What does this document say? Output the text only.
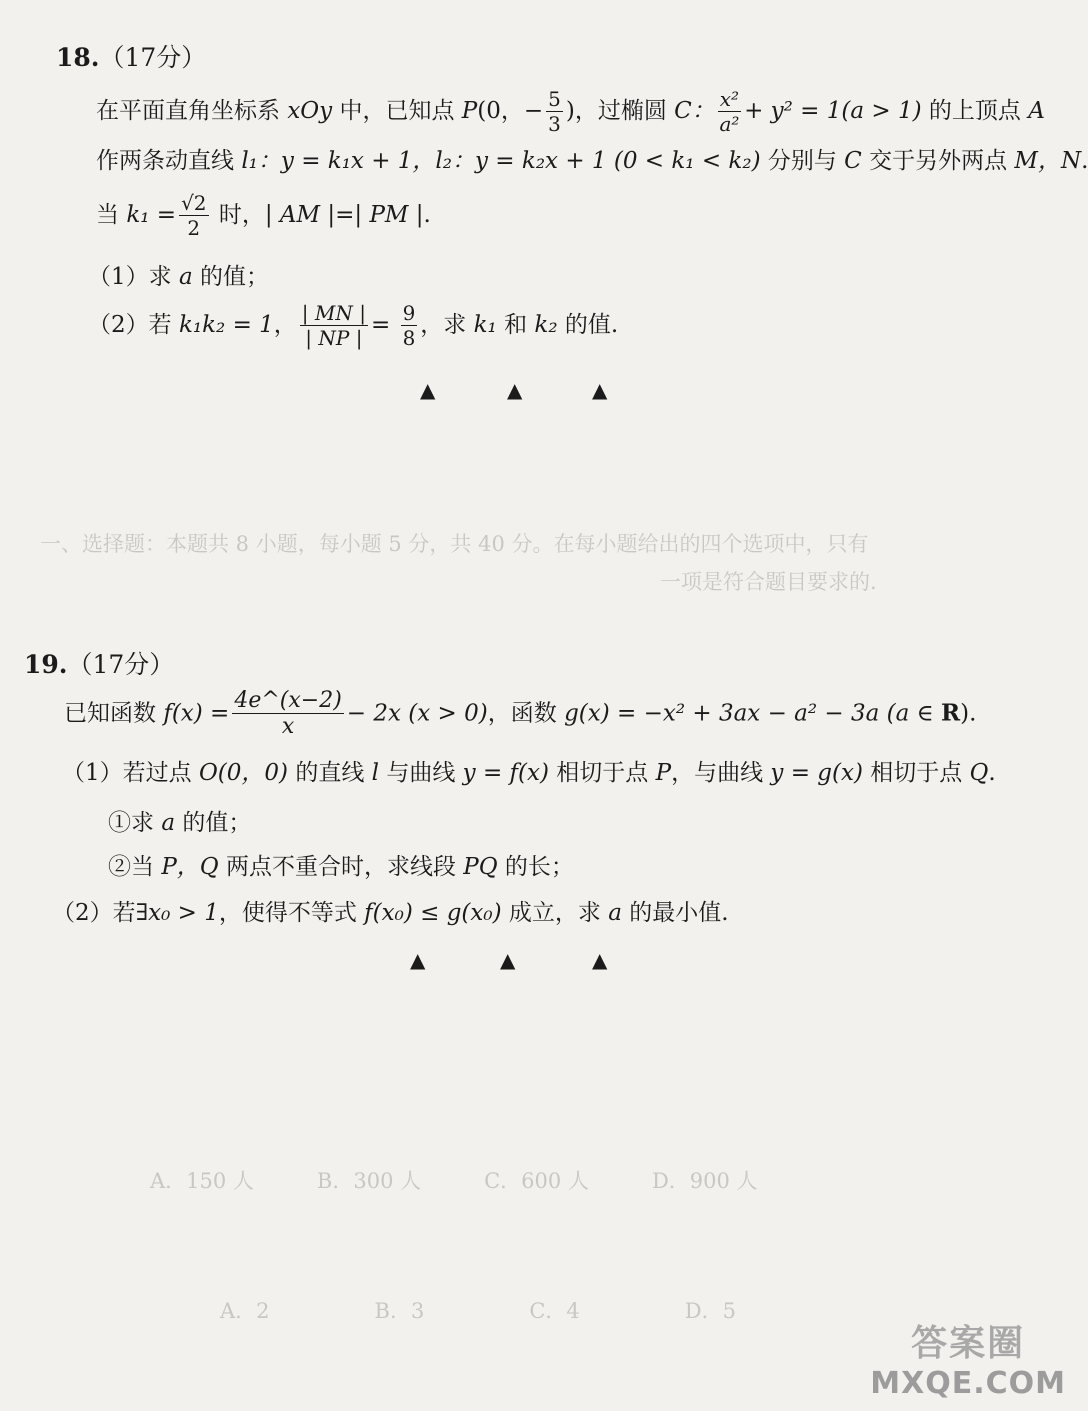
一、选择题：本题共 8 小题，每小题 5 分，共 40 分。在每小题给出的四个选项中，只有
一项是符合题目要求的.
A．150 人　　　B．300 人　　　C．600 人　　　D．900 人
A．2　　　　　B．3　　　　　C．4　　　　　D．5
18.（17分）
在平面直角坐标系 xOy 中，已知点 P(0，− $\frac{5}{3}$ )，过椭圆 C： $\frac{\text{x²}}{\text{a²}} + y^2 = 1(a > 1)$ 的上顶点 A
作两条动直线 l₁：y = k₁x + 1，l₂：y = k₂x + 1 (0 < k₁ < k₂) 分别与 C 交于另外两点 M，N.
当 $k_1 = \frac{√2}{2}$ 时，| AM |=| PM |.
（1）求 a 的值；
（2）若 k₁k₂ = 1， $\frac{| MN |}{| NP |} = \frac{9}{8}$ ，求 k₁ 和 k₂ 的值.
▲	▲	▲
19.（17分）
已知函数 $f(x) = \frac{4e\^{}(x-2)}{x} - 2x$ (x > 0)，函数 g(x) = −x² + 3ax − a² − 3a (a ∈ R).
（1）若过点 O(0，0) 的直线 l 与曲线 y = f(x) 相切于点 P，与曲线 y = g(x) 相切于点 Q.
①求 a 的值；
②当 P，Q 两点不重合时，求线段 PQ 的长；
（2）若∃x₀ > 1，使得不等式 f(x₀) ≤ g(x₀) 成立，求 a 的最小值.
▲	▲	▲
答案圈
MXQE.COM
